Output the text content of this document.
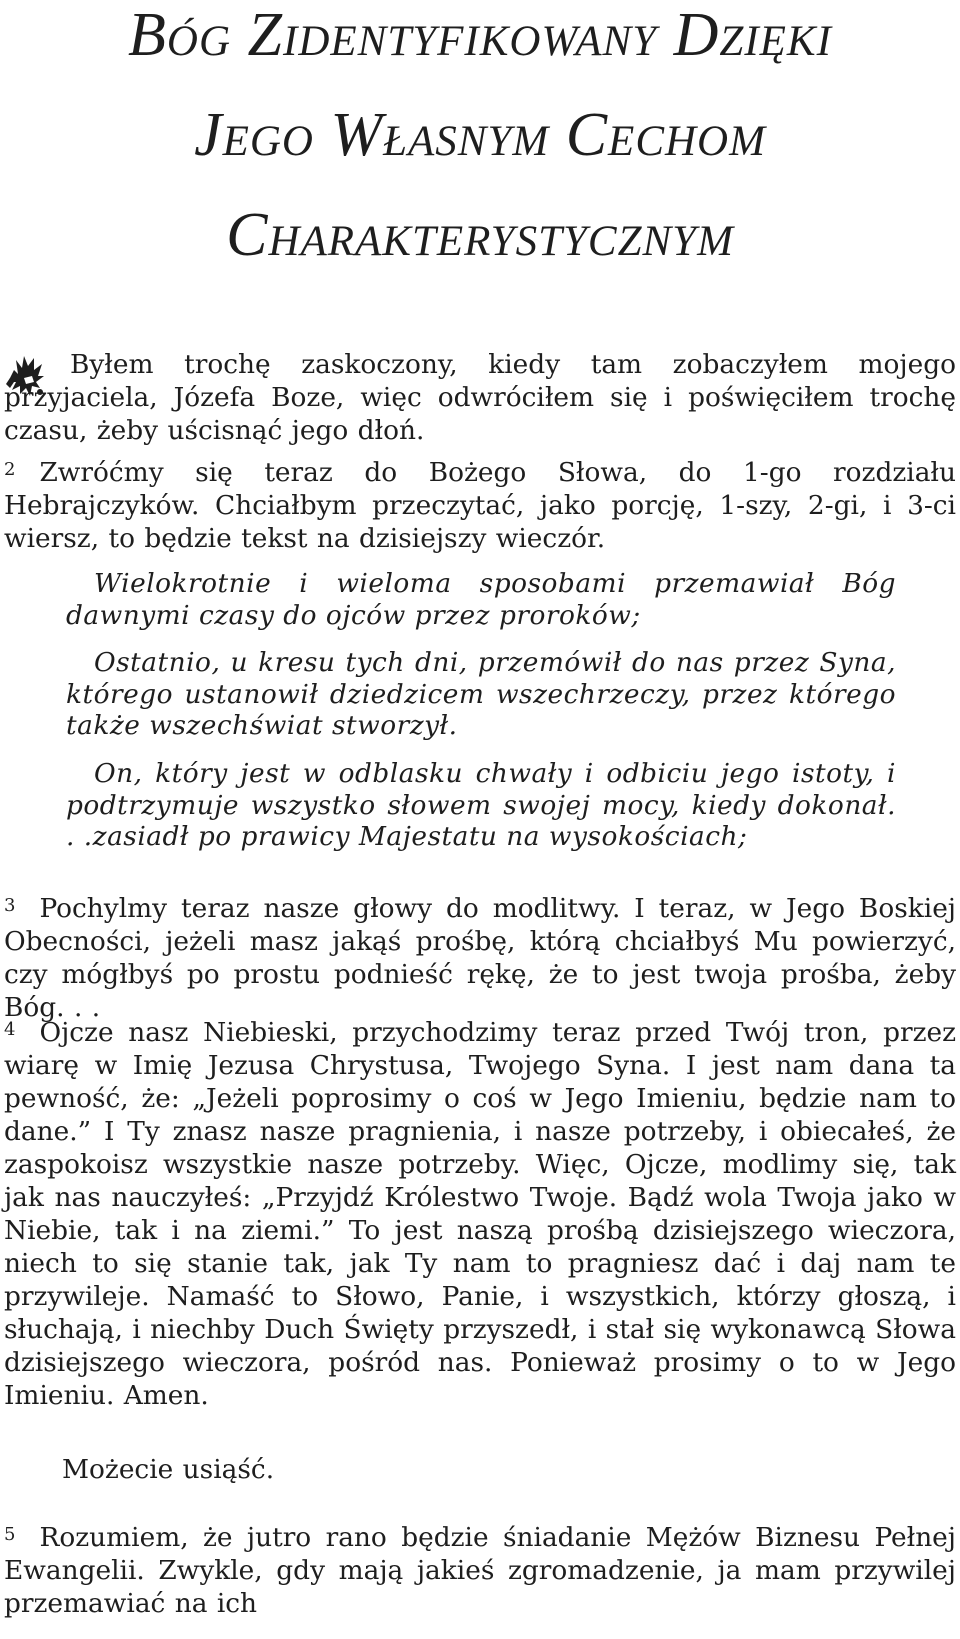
Bóg Zidentyfikowany Dzięki
Jego Własnym Cechom
Charakterystycznym

Byłem trochę zaskoczony, kiedy tam zobaczyłem mojego przyjaciela, Józefa Boze, więc odwróciłem się i poświęciłem trochę czasu, żeby uścisnąć jego dłoń.

$^2$ Zwróćmy się teraz do Bożego Słowa, do 1-go rozdziału Hebrajczyków. Chciałbym przeczytać, jako porcję, 1-szy, 2-gi, i 3-ci wiersz, to będzie tekst na dzisiejszy wieczór.

Wielokrotnie i wieloma sposobami przemawiał Bóg dawnymi czasy do ojców przez proroków;

Ostatnio, u kresu tych dni, przemówił do nas przez Syna, którego ustanowił dziedzicem wszechrzeczy, przez którego także wszechświat stworzył.

On, który jest w odblasku chwały i odbiciu jego istoty, i podtrzymuje wszystko słowem swojej mocy, kiedy dokonał. . .zasiadł po prawicy Majestatu na wysokościach;

$^3$ Pochylmy teraz nasze głowy do modlitwy. I teraz, w Jego Boskiej Obecności, jeżeli masz jakąś prośbę, którą chciałbyś Mu powierzyć, czy mógłbyś po prostu podnieść rękę, że to jest twoja prośba, żeby Bóg. . .

$^4$ Ojcze nasz Niebieski, przychodzimy teraz przed Twój tron, przez wiarę w Imię Jezusa Chrystusa, Twojego Syna. I jest nam dana ta pewność, że: „Jeżeli poprosimy o coś w Jego Imieniu, będzie nam to dane.” I Ty znasz nasze pragnienia, i nasze potrzeby, i obiecałeś, że zaspokoisz wszystkie nasze potrzeby. Więc, Ojcze, modlimy się, tak jak nas nauczyłeś: „Przyjdź Królestwo Twoje. Bądź wola Twoja jako w Niebie, tak i na ziemi.” To jest naszą prośbą dzisiejszego wieczora, niech to się stanie tak, jak Ty nam to pragniesz dać i daj nam te przywileje. Namaść to Słowo, Panie, i wszystkich, którzy głoszą, i słuchają, i niechby Duch Święty przyszedł, i stał się wykonawcą Słowa dzisiejszego wieczora, pośród nas. Ponieważ prosimy o to w Jego Imieniu. Amen.

Możecie usiąść.

$^5$ Rozumiem, że jutro rano będzie śniadanie Mężów Biznesu Pełnej Ewangelii. Zwykle, gdy mają jakieś zgromadzenie, ja mam przywilej przemawiać na ich
